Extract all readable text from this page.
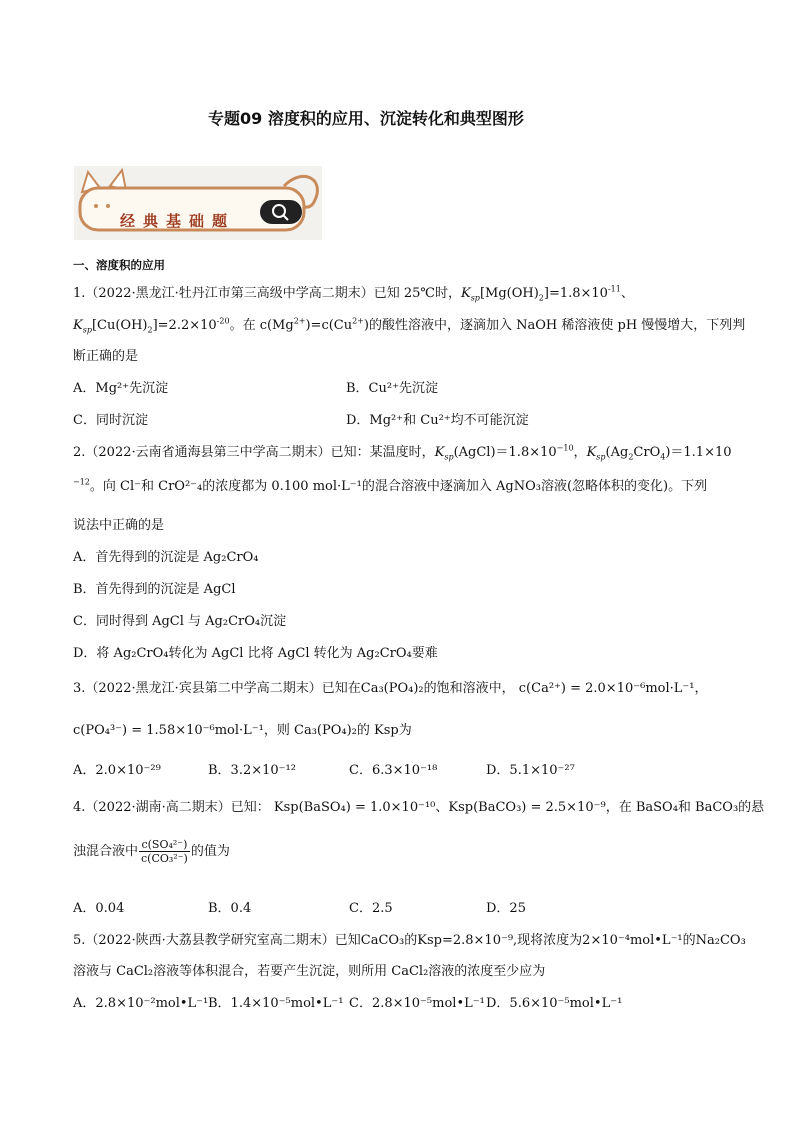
专题09 溶度积的应用、沉淀转化和典型图形
经典基础题
一、溶度积的应用
1.（2022·黑龙江·牡丹江市第三高级中学高二期末）已知 25℃时，$K_{sp}[Mg(OH)_2]=1.8\times 10^{-11}$、
$K_{sp}[Cu(OH)_2]=2.2\times 10^{-20}$。在 $c(Mg^{2+})=c(Cu^{2+})$的酸性溶液中，逐滴加入 NaOH 稀溶液使 pH 慢慢增大，下列判
断正确的是
A．Mg²⁺先沉淀	B．Cu²⁺先沉淀
C．同时沉淀	D．Mg²⁺和 Cu²⁺均不可能沉淀
2.（2022·云南省通海县第三中学高二期末）已知：某温度时，$K_{sp}(AgCl)=1.8\times 10^{-10}$，$K_{sp}(Ag_2CrO_4)=1.1\times 10$
$^{-12}$。向 Cl⁻和 CrO²⁻₄的浓度都为 0.100 mol·L⁻¹的混合溶液中逐滴加入 AgNO₃溶液(忽略体积的变化)。下列
说法中正确的是
A．首先得到的沉淀是 Ag₂CrO₄
B．首先得到的沉淀是 AgCl
C．同时得到 AgCl 与 Ag₂CrO₄沉淀
D．将 Ag₂CrO₄转化为 AgCl 比将 AgCl 转化为 Ag₂CrO₄要难
3.（2022·黑龙江·宾县第二中学高二期末）已知在Ca₃(PO₄)₂的饱和溶液中， c(Ca²⁺) = 2.0×10⁻⁶mol·L⁻¹，
c(PO₄³⁻) = 1.58×10⁻⁶mol·L⁻¹，则 Ca₃(PO₄)₂的 Ksp为
A．2.0×10⁻²⁹	B．3.2×10⁻¹²	C．6.3×10⁻¹⁸	D．5.1×10⁻²⁷
4.（2022·湖南·高二期末）已知： Ksp(BaSO₄) = 1.0×10⁻¹⁰、Ksp(BaCO₃) = 2.5×10⁻⁹，在 BaSO₄和 BaCO₃的悬
浊混合液中 $\frac{\text{c(SO₄²⁻)}}{\text{c(CO₃²⁻)}}$ 的值为
A．0.04	B．0.4	C．2.5	D．25
5.（2022·陕西·大荔县教学研究室高二期末）已知CaCO₃的Ksp=2.8×10⁻⁹,现将浓度为2×10⁻⁴mol•L⁻¹的Na₂CO₃
溶液与 CaCl₂溶液等体积混合，若要产生沉淀，则所用 CaCl₂溶液的浓度至少应为
A．2.8×10⁻²mol•L⁻¹ B．1.4×10⁻⁵mol•L⁻¹ C．2.8×10⁻⁵mol•L⁻¹ D．5.6×10⁻⁵mol•L⁻¹
